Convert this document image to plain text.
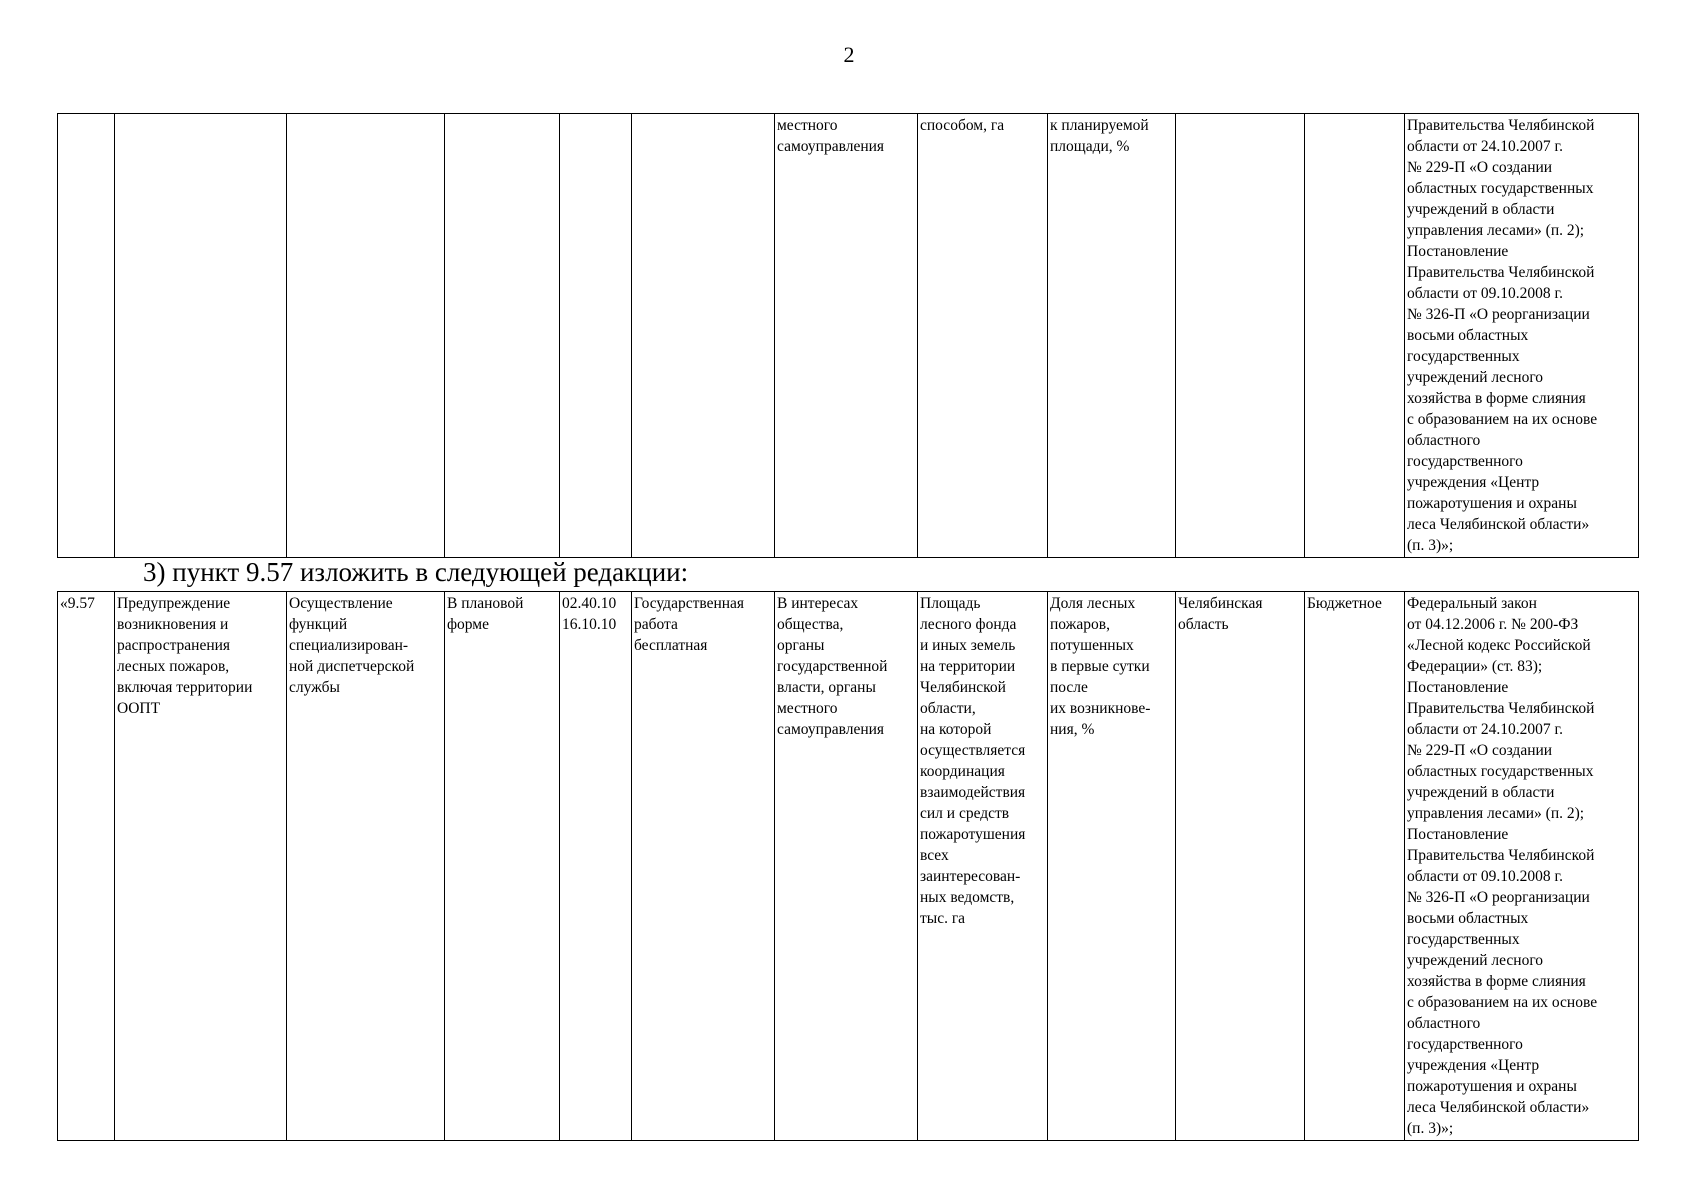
2
						местного
самоуправления	способом, га	к планируемой
площади, %			Правительства Челябинской
области от 24.10.2007 г.
№ 229-П «О создании
областных государственных
учреждений в области
управления лесами» (п. 2);
Постановление
Правительства Челябинской
области от 09.10.2008 г.
№ 326-П «О реорганизации
восьми областных
государственных
учреждений лесного
хозяйства в форме слияния
с образованием на их основе
областного
государственного
учреждения «Центр
пожаротушения и охраны
леса Челябинской области»
(п. 3)»;
3) пункт 9.57 изложить в следующей редакции:
«9.57	Предупреждение
возникновения и
распространения
лесных пожаров,
включая территории
ООПТ	Осуществление
функций
специализирован-
ной диспетчерской
службы	В плановой
форме	02.40.10
16.10.10	Государственная
работа
бесплатная	В интересах
общества,
органы
государственной
власти, органы
местного
самоуправления	Площадь
лесного фонда
и иных земель
на территории
Челябинской
области,
на которой
осуществляется
координация
взаимодействия
сил и средств
пожаротушения
всех
заинтересован-
ных ведомств,
тыс. га	Доля лесных
пожаров,
потушенных
в первые сутки
после
их возникнове-
ния, %	Челябинская
область	Бюджетное	Федеральный закон
от 04.12.2006 г. № 200-ФЗ
«Лесной кодекс Российской
Федерации» (ст. 83);
Постановление
Правительства Челябинской
области от 24.10.2007 г.
№ 229-П «О создании
областных государственных
учреждений в области
управления лесами» (п. 2);
Постановление
Правительства Челябинской
области от 09.10.2008 г.
№ 326-П «О реорганизации
восьми областных
государственных
учреждений лесного
хозяйства в форме слияния
с образованием на их основе
областного
государственного
учреждения «Центр
пожаротушения и охраны
леса Челябинской области»
(п. 3)»;
